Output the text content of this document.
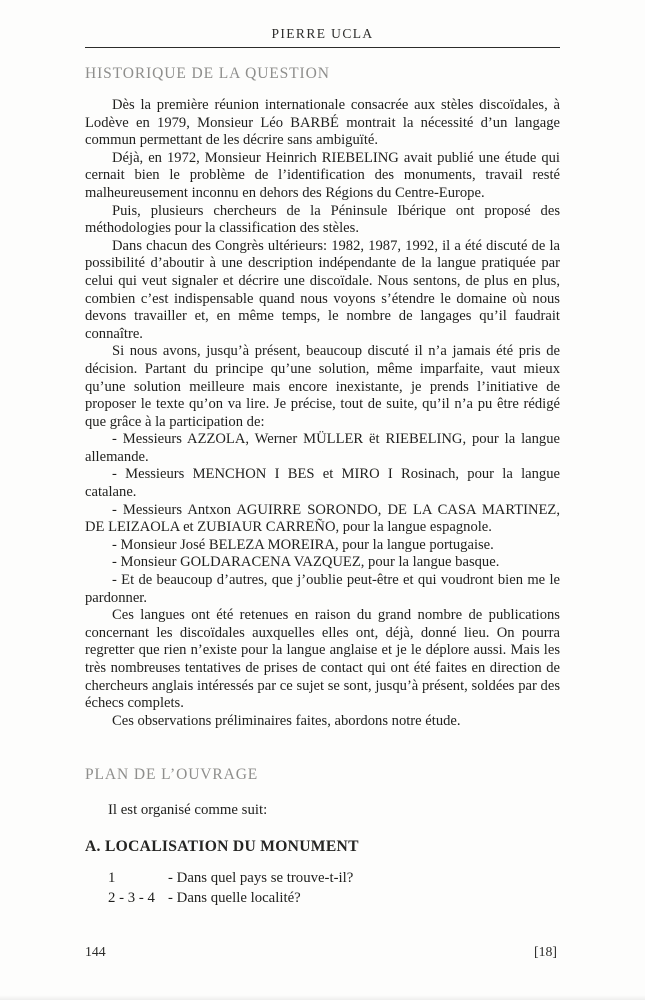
PIERRE UCLA
HISTORIQUE DE LA QUESTION

Dès la première réunion internationale consacrée aux stèles discoïdales, à Lodève en 1979, Monsieur Léo BARBÉ montrait la nécessité d’un langage commun permettant de les décrire sans ambiguïté.

Déjà, en 1972, Monsieur Heinrich RIEBELING avait publié une étude qui cernait bien le problème de l’identification des monuments, travail resté malheureusement inconnu en dehors des Régions du Centre-Europe.

Puis, plusieurs chercheurs de la Péninsule Ibérique ont proposé des méthodologies pour la classification des stèles.

Dans chacun des Congrès ultérieurs: 1982, 1987, 1992, il a été discuté de la possibilité d’aboutir à une description indépendante de la langue pratiquée par celui qui veut signaler et décrire une discoïdale. Nous sentons, de plus en plus, combien c’est indispensable quand nous voyons s’étendre le domaine où nous devons travailler et, en même temps, le nombre de langages qu’il faudrait connaître.

Si nous avons, jusqu’à présent, beaucoup discuté il n’a jamais été pris de décision. Partant du principe qu’une solution, même imparfaite, vaut mieux qu’une solution meilleure mais encore inexistante, je prends l’initiative de proposer le texte qu’on va lire. Je précise, tout de suite, qu’il n’a pu être rédigé que grâce à la participation de:

- Messieurs AZZOLA, Werner MÜLLER ët RIEBELING, pour la langue allemande.

- Messieurs MENCHON I BES et MIRO I Rosinach, pour la langue catalane.

- Messieurs Antxon AGUIRRE SORONDO, DE LA CASA MARTINEZ, DE LEIZAOLA et ZUBIAUR CARREÑO, pour la langue espagnole.

- Monsieur José BELEZA MOREIRA, pour la langue portugaise.

- Monsieur GOLDARACENA VAZQUEZ, pour la langue basque.

- Et de beaucoup d’autres, que j’oublie peut-être et qui voudront bien me le pardonner.

Ces langues ont été retenues en raison du grand nombre de publications concernant les discoïdales auxquelles elles ont, déjà, donné lieu. On pourra regretter que rien n’existe pour la langue anglaise et je le déplore aussi. Mais les très nombreuses tentatives de prises de contact qui ont été faites en direction de chercheurs anglais intéressés par ce sujet se sont, jusqu’à présent, soldées par des échecs complets.

Ces observations préliminaires faites, abordons notre étude.

PLAN DE L’OUVRAGE

Il est organisé comme suit:

A. LOCALISATION DU MONUMENT
1	- Dans quel pays se trouve-t-il?
2 - 3 - 4 - Dans quelle localité?
144	[18]
